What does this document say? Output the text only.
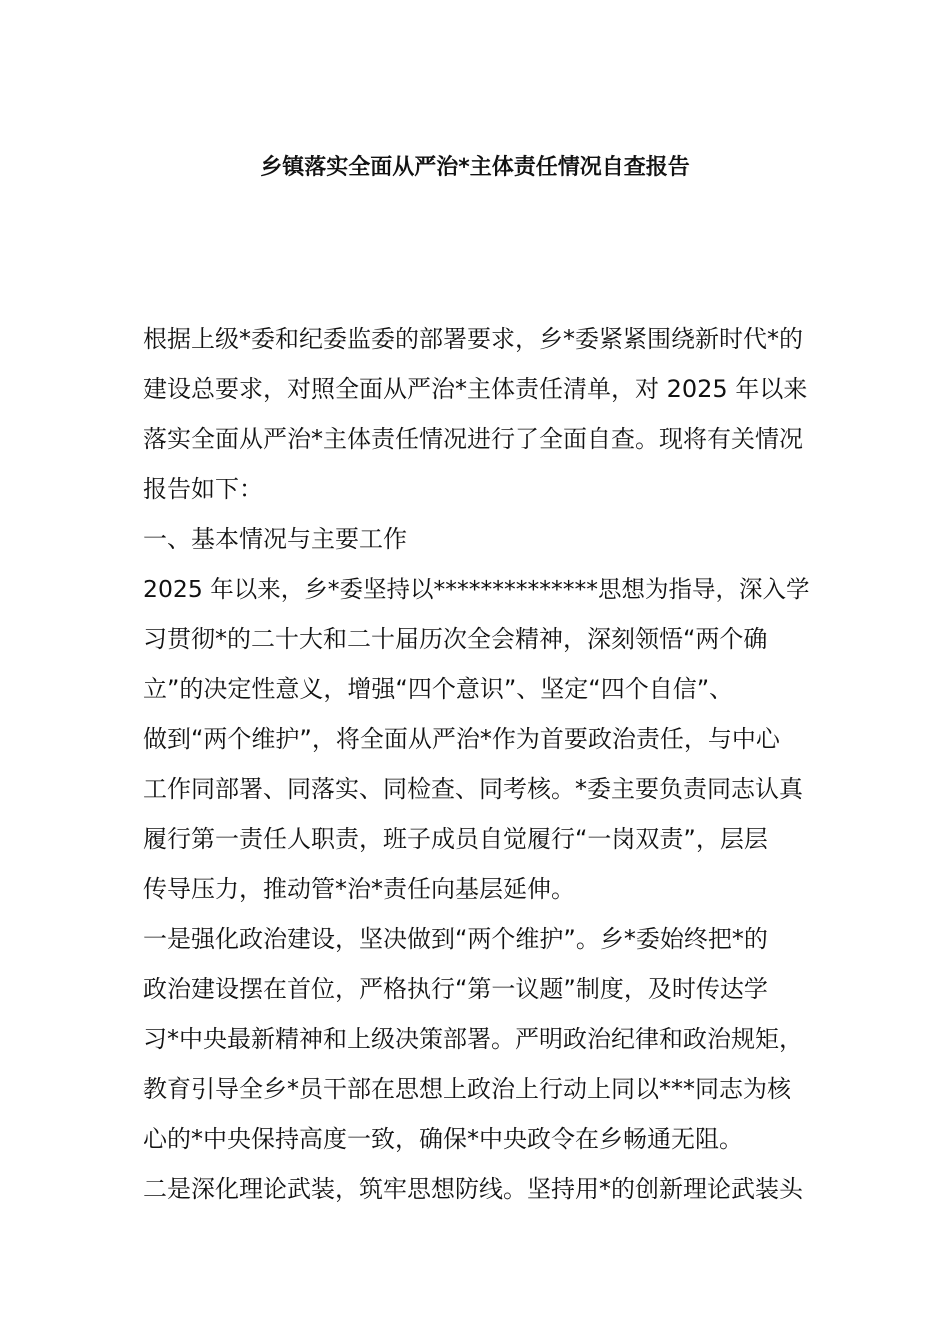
乡镇落实全面从严治*主体责任情况自查报告
根据上级*委和纪委监委的部署要求，乡*委紧紧围绕新时代*的
建设总要求，对照全面从严治*主体责任清单，对 2025 年以来
落实全面从严治*主体责任情况进行了全面自查。现将有关情况
报告如下：
一、基本情况与主要工作
2025 年以来，乡*委坚持以**************思想为指导，深入学
习贯彻*的二十大和二十届历次全会精神，深刻领悟“两个确
立”的决定性意义，增强“四个意识”、坚定“四个自信”、
做到“两个维护”，将全面从严治*作为首要政治责任，与中心
工作同部署、同落实、同检查、同考核。*委主要负责同志认真
履行第一责任人职责，班子成员自觉履行“一岗双责”，层层
传导压力，推动管*治*责任向基层延伸。
一是强化政治建设，坚决做到“两个维护”。乡*委始终把*的
政治建设摆在首位，严格执行“第一议题”制度，及时传达学
习*中央最新精神和上级决策部署。严明政治纪律和政治规矩，
教育引导全乡*员干部在思想上政治上行动上同以***同志为核
心的*中央保持高度一致，确保*中央政令在乡畅通无阻。
二是深化理论武装，筑牢思想防线。坚持用*的创新理论武装头
